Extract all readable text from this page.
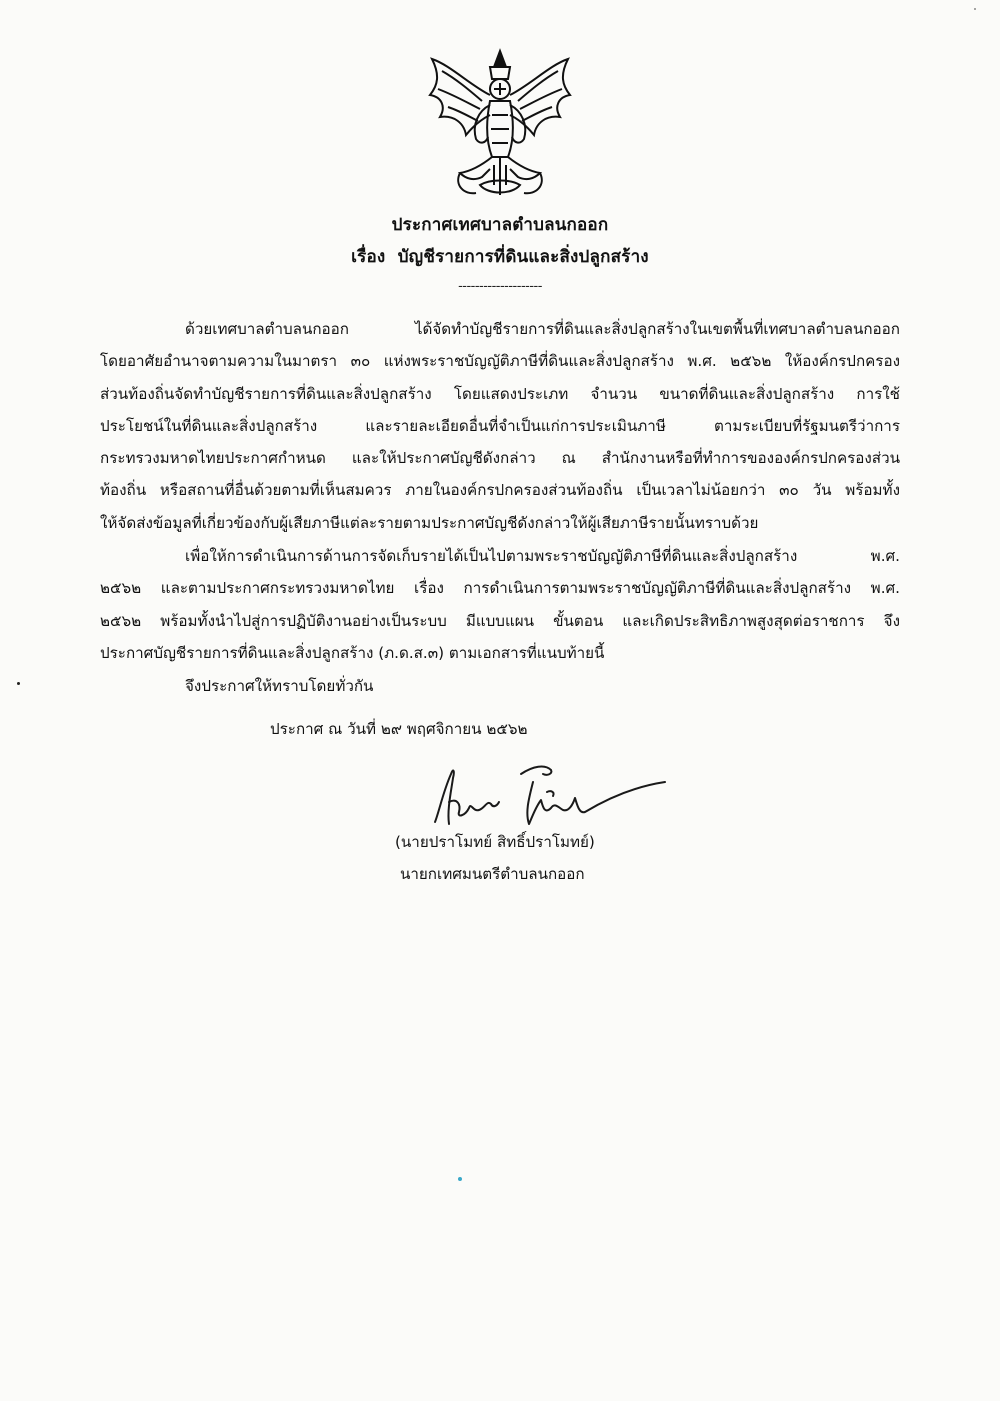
ประกาศเทศบาลตำบลนกออก
เรื่อง บัญชีรายการที่ดินและสิ่งปลูกสร้าง
--------------------
ด้วยเทศบาลตำบลนกออก ได้จัดทำบัญชีรายการที่ดินและสิ่งปลูกสร้างในเขตพื้นที่เทศบาลตำบลนกออก
โดยอาศัยอำนาจตามความในมาตรา ๓๐ แห่งพระราชบัญญัติภาษีที่ดินและสิ่งปลูกสร้าง พ.ศ. ๒๕๖๒ ให้องค์กรปกครอง
ส่วนท้องถิ่นจัดทำบัญชีรายการที่ดินและสิ่งปลูกสร้าง โดยแสดงประเภท จำนวน ขนาดที่ดินและสิ่งปลูกสร้าง การใช้
ประโยชน์ในที่ดินและสิ่งปลูกสร้าง และรายละเอียดอื่นที่จำเป็นแก่การประเมินภาษี ตามระเบียบที่รัฐมนตรีว่าการ
กระทรวงมหาดไทยประกาศกำหนด และให้ประกาศบัญชีดังกล่าว ณ สำนักงานหรือที่ทำการขององค์กรปกครองส่วน
ท้องถิ่น หรือสถานที่อื่นด้วยตามที่เห็นสมควร ภายในองค์กรปกครองส่วนท้องถิ่น เป็นเวลาไม่น้อยกว่า ๓๐ วัน พร้อมทั้ง
ให้จัดส่งข้อมูลที่เกี่ยวข้องกับผู้เสียภาษีแต่ละรายตามประกาศบัญชีดังกล่าวให้ผู้เสียภาษีรายนั้นทราบด้วย
เพื่อให้การดำเนินการด้านการจัดเก็บรายได้เป็นไปตามพระราชบัญญัติภาษีที่ดินและสิ่งปลูกสร้าง พ.ศ.
๒๕๖๒ และตามประกาศกระทรวงมหาดไทย เรื่อง การดำเนินการตามพระราชบัญญัติภาษีที่ดินและสิ่งปลูกสร้าง พ.ศ.
๒๕๖๒ พร้อมทั้งนำไปสู่การปฏิบัติงานอย่างเป็นระบบ มีแบบแผน ขั้นตอน และเกิดประสิทธิภาพสูงสุดต่อราชการ จึง
ประกาศบัญชีรายการที่ดินและสิ่งปลูกสร้าง (ภ.ด.ส.๓) ตามเอกสารที่แนบท้ายนี้
จึงประกาศให้ทราบโดยทั่วกัน
ประกาศ ณ วันที่ ๒๙ พฤศจิกายน ๒๕๖๒
(นายปราโมทย์ สิทธิ์ปราโมทย์)
นายกเทศมนตรีตำบลนกออก
